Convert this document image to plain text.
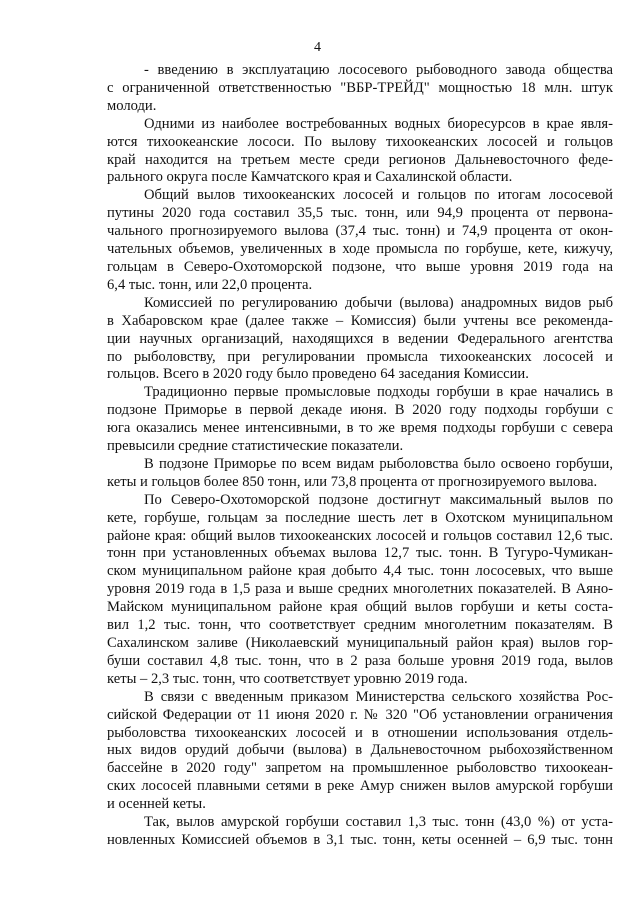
4
- введению в эксплуатацию лососевого рыбоводного завода общества
с ограниченной ответственностью "ВБР-ТРЕЙД" мощностью 18 млн. штук
молоди.
Одними из наиболее востребованных водных биоресурсов в крае явля-
ются тихоокеанские лососи. По вылову тихоокеанских лососей и гольцов
край находится на третьем месте среди регионов Дальневосточного феде-
рального округа после Камчатского края и Сахалинской области.
Общий вылов тихоокеанских лососей и гольцов по итогам лососевой
путины 2020 года составил 35,5 тыс. тонн, или 94,9 процента от первона-
чального прогнозируемого вылова (37,4 тыс. тонн) и 74,9 процента от окон-
чательных объемов, увеличенных в ходе промысла по горбуше, кете, кижучу,
гольцам в Северо-Охотоморской подзоне, что выше уровня 2019 года на
6,4 тыс. тонн, или 22,0 процента.
Комиссией по регулированию добычи (вылова) анадромных видов рыб
в Хабаровском крае (далее также – Комиссия) были учтены все рекоменда-
ции научных организаций, находящихся в ведении Федерального агентства
по рыболовству, при регулировании промысла тихоокеанских лососей и
гольцов. Всего в 2020 году было проведено 64 заседания Комиссии.
Традиционно первые промысловые подходы горбуши в крае начались в
подзоне Приморье в первой декаде июня. В 2020 году подходы горбуши с
юга оказались менее интенсивными, в то же время подходы горбуши с севера
превысили средние статистические показатели.
В подзоне Приморье по всем видам рыболовства было освоено горбуши,
кеты и гольцов более 850 тонн, или 73,8 процента от прогнозируемого вылова.
По Северо-Охотоморской подзоне достигнут максимальный вылов по
кете, горбуше, гольцам за последние шесть лет в Охотском муниципальном
районе края: общий вылов тихоокеанских лососей и гольцов составил 12,6 тыс.
тонн при установленных объемах вылова 12,7 тыс. тонн. В Тугуро-Чумикан-
ском муниципальном районе края добыто 4,4 тыс. тонн лососевых, что выше
уровня 2019 года в 1,5 раза и выше средних многолетних показателей. В Аяно-
Майском муниципальном районе края общий вылов горбуши и кеты соста-
вил 1,2 тыс. тонн, что соответствует средним многолетним показателям. В
Сахалинском заливе (Николаевский муниципальный район края) вылов гор-
буши составил 4,8 тыс. тонн, что в 2 раза больше уровня 2019 года, вылов
кеты – 2,3 тыс. тонн, что соответствует уровню 2019 года.
В связи с введенным приказом Министерства сельского хозяйства Рос-
сийской Федерации от 11 июня 2020 г. № 320 "Об установлении ограничения
рыболовства тихоокеанских лососей и в отношении использования отдель-
ных видов орудий добычи (вылова) в Дальневосточном рыбохозяйственном
бассейне в 2020 году" запретом на промышленное рыболовство тихоокеан-
ских лососей плавными сетями в реке Амур снижен вылов амурской горбуши
и осенней кеты.
Так, вылов амурской горбуши составил 1,3 тыс. тонн (43,0 %) от уста-
новленных Комиссией объемов в 3,1 тыс. тонн, кеты осенней – 6,9 тыс. тонн
